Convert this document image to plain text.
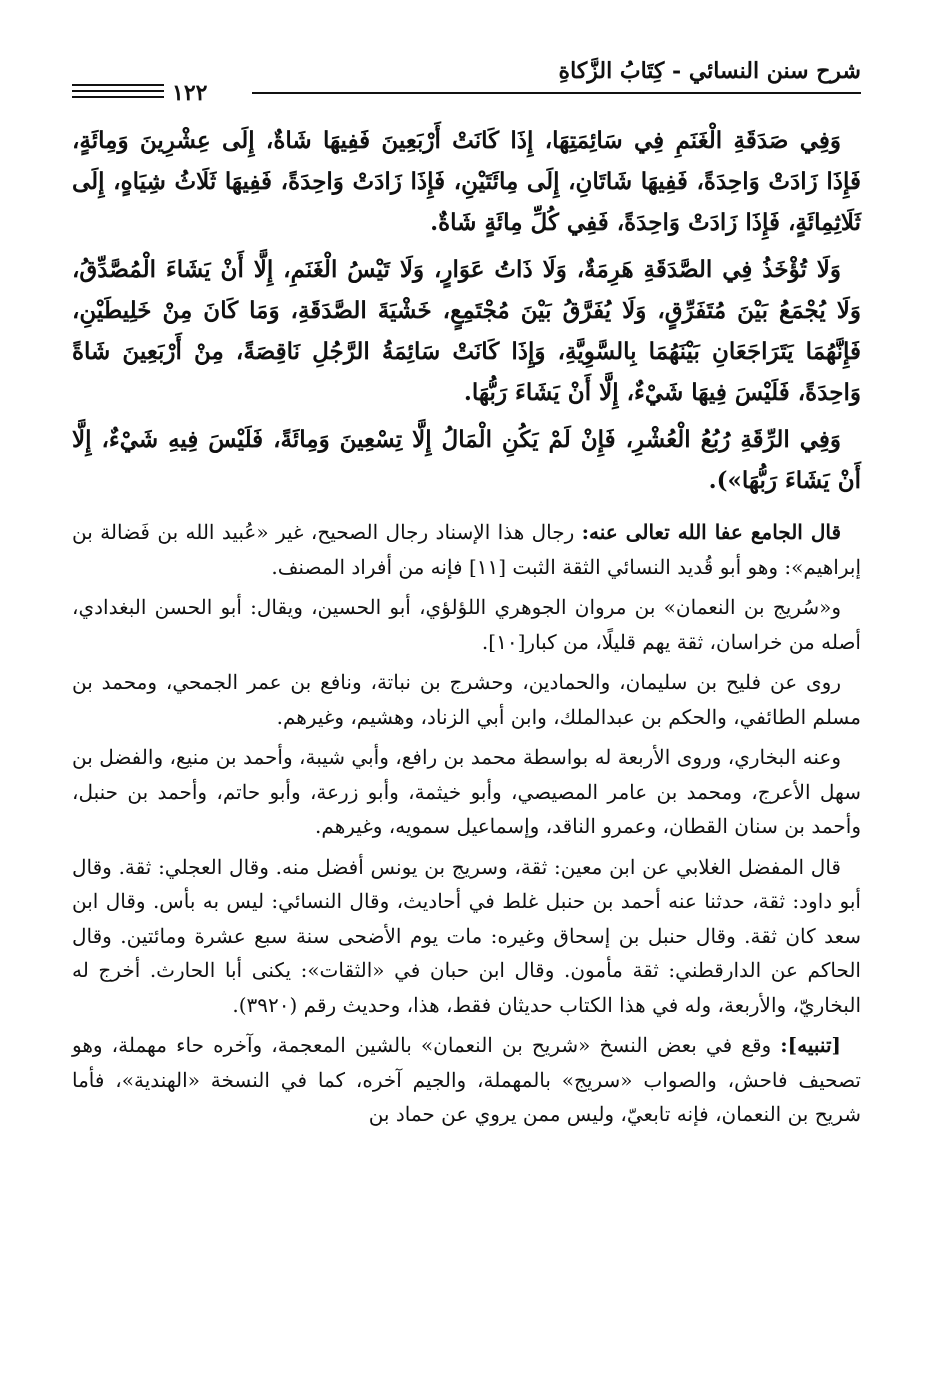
شرح سنن النسائي - كِتَابُ الزَّكاةِ
١٢٢

وَفِي صَدَقَةِ الْغَنَمِ فِي سَائِمَتِهَا، إِذَا كَانَتْ أَرْبَعِينَ فَفِيهَا شَاةٌ، إِلَى عِشْرِينَ وَمِائَةٍ، فَإِذَا زَادَتْ وَاحِدَةً، فَفِيهَا شَاتَانِ، إِلَى مِائَتَيْنِ، فَإِذَا زَادَتْ وَاحِدَةً، فَفِيهَا ثَلَاثُ شِيَاهٍ، إِلَى ثَلَاثِمِائَةٍ، فَإِذَا زَادَتْ وَاحِدَةً، فَفِي كُلِّ مِائَةٍ شَاةٌ.

وَلَا تُؤْخَذُ فِي الصَّدَقَةِ هَرِمَةٌ، وَلَا ذَاتُ عَوَارٍ، وَلَا تَيْسُ الْغَنَمِ، إِلَّا أَنْ يَشَاءَ الْمُصَّدِّقُ، وَلَا يُجْمَعُ بَيْنَ مُتَفَرِّقٍ، وَلَا يُفَرَّقُ بَيْنَ مُجْتَمِعٍ، خَشْيَةَ الصَّدَقَةِ، وَمَا كَانَ مِنْ خَلِيطَيْنِ، فَإِنَّهُمَا يَتَرَاجَعَانِ بَيْنَهُمَا بِالسَّوِيَّةِ، وَإِذَا كَانَتْ سَائِمَةُ الرَّجُلِ نَاقِصَةً، مِنْ أَرْبَعِينَ شَاةً وَاحِدَةً، فَلَيْسَ فِيهَا شَيْءٌ، إِلَّا أَنْ يَشَاءَ رَبُّهَا.

وَفِي الرِّقَةِ رُبُعُ الْعُشْرِ، فَإِنْ لَمْ يَكُنِ الْمَالُ إِلَّا تِسْعِينَ وَمِائَةً، فَلَيْسَ فِيهِ شَيْءٌ، إِلَّا أَنْ يَشَاءَ رَبُّهَا»).

قال الجامع عفا الله تعالى عنه: رجال هذا الإسناد رجال الصحيح، غير «عُبيد الله بن فَضالة بن إبراهيم»: وهو أبو قُديد النسائي الثقة الثبت [١١] فإنه من أفراد المصنف.

و«سُريج بن النعمان» بن مروان الجوهري اللؤلؤي، أبو الحسين، ويقال: أبو الحسن البغدادي، أصله من خراسان، ثقة يهم قليلًا، من كبار[١٠].

روى عن فليح بن سليمان، والحمادين، وحشرج بن نباتة، ونافع بن عمر الجمحي، ومحمد بن مسلم الطائفي، والحكم بن عبدالملك، وابن أبي الزناد، وهشيم، وغيرهم.

وعنه البخاري، وروى الأربعة له بواسطة محمد بن رافع، وأبي شيبة، وأحمد بن منيع، والفضل بن سهل الأعرج، ومحمد بن عامر المصيصي، وأبو خيثمة، وأبو زرعة، وأبو حاتم، وأحمد بن حنبل، وأحمد بن سنان القطان، وعمرو الناقد، وإسماعيل سمويه، وغيرهم.

قال المفضل الغلابي عن ابن معين: ثقة، وسريج بن يونس أفضل منه. وقال العجلي: ثقة. وقال أبو داود: ثقة، حدثنا عنه أحمد بن حنبل غلط في أحاديث، وقال النسائي: ليس به بأس. وقال ابن سعد كان ثقة. وقال حنبل بن إسحاق وغيره: مات يوم الأضحى سنة سبع عشرة ومائتين. وقال الحاكم عن الدارقطني: ثقة مأمون. وقال ابن حبان في «الثقات»: يكنى أبا الحارث. أخرج له البخاريّ، والأربعة، وله في هذا الكتاب حديثان فقط، هذا، وحديث رقم (٣٩٢٠).

[تنبيه]: وقع في بعض النسخ «شريح بن النعمان» بالشين المعجمة، وآخره حاء مهملة، وهو تصحيف فاحش، والصواب «سريج» بالمهملة، والجيم آخره، كما في النسخة «الهندية»، فأما شريح بن النعمان، فإنه تابعيّ، وليس ممن يروي عن حماد بن
